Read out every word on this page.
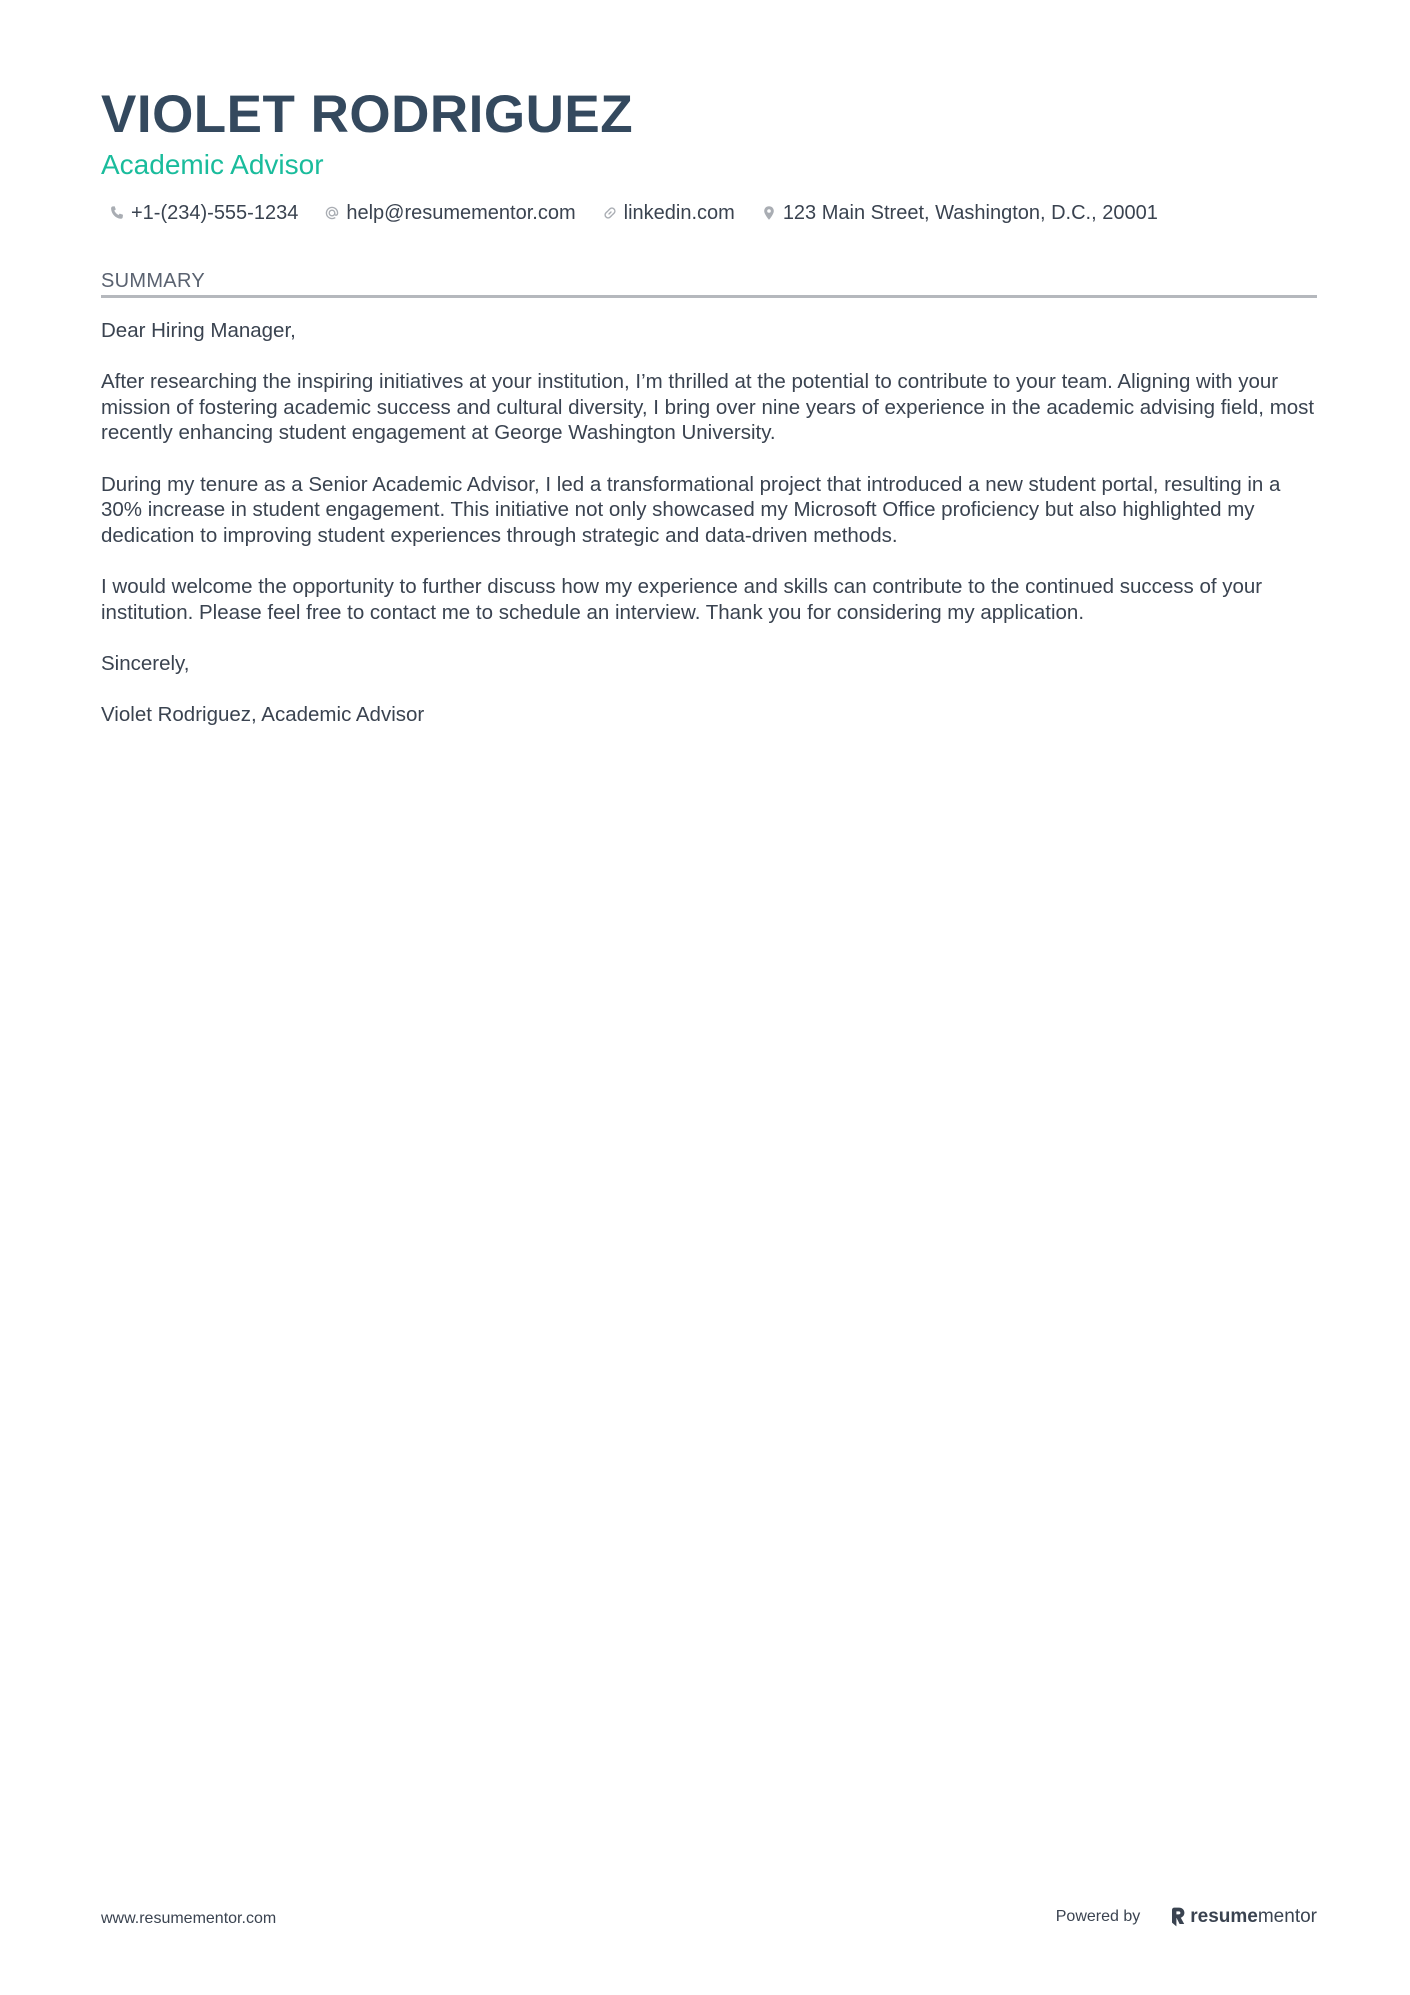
VIOLET RODRIGUEZ
Academic Advisor
+1-(234)-555-1234 help@resumementor.com linkedin.com 123 Main Street, Washington, D.C., 20001
SUMMARY

Dear Hiring Manager,

After researching the inspiring initiatives at your institution, I’m thrilled at the potential to contribute to your team. Aligning with your mission of fostering academic success and cultural diversity, I bring over nine years of experience in the academic advising field, most recently enhancing student engagement at George Washington University.

During my tenure as a Senior Academic Advisor, I led a transformational project that introduced a new student portal, resulting in a 30% increase in student engagement. This initiative not only showcased my Microsoft Office proficiency but also highlighted my dedication to improving student experiences through strategic and data-driven methods.

I would welcome the opportunity to further discuss how my experience and skills can contribute to the continued success of your institution. Please feel free to contact me to schedule an interview. Thank you for considering my application.

Sincerely,

Violet Rodriguez, Academic Advisor

www.resumementor.com	Powered by	resume mentor
